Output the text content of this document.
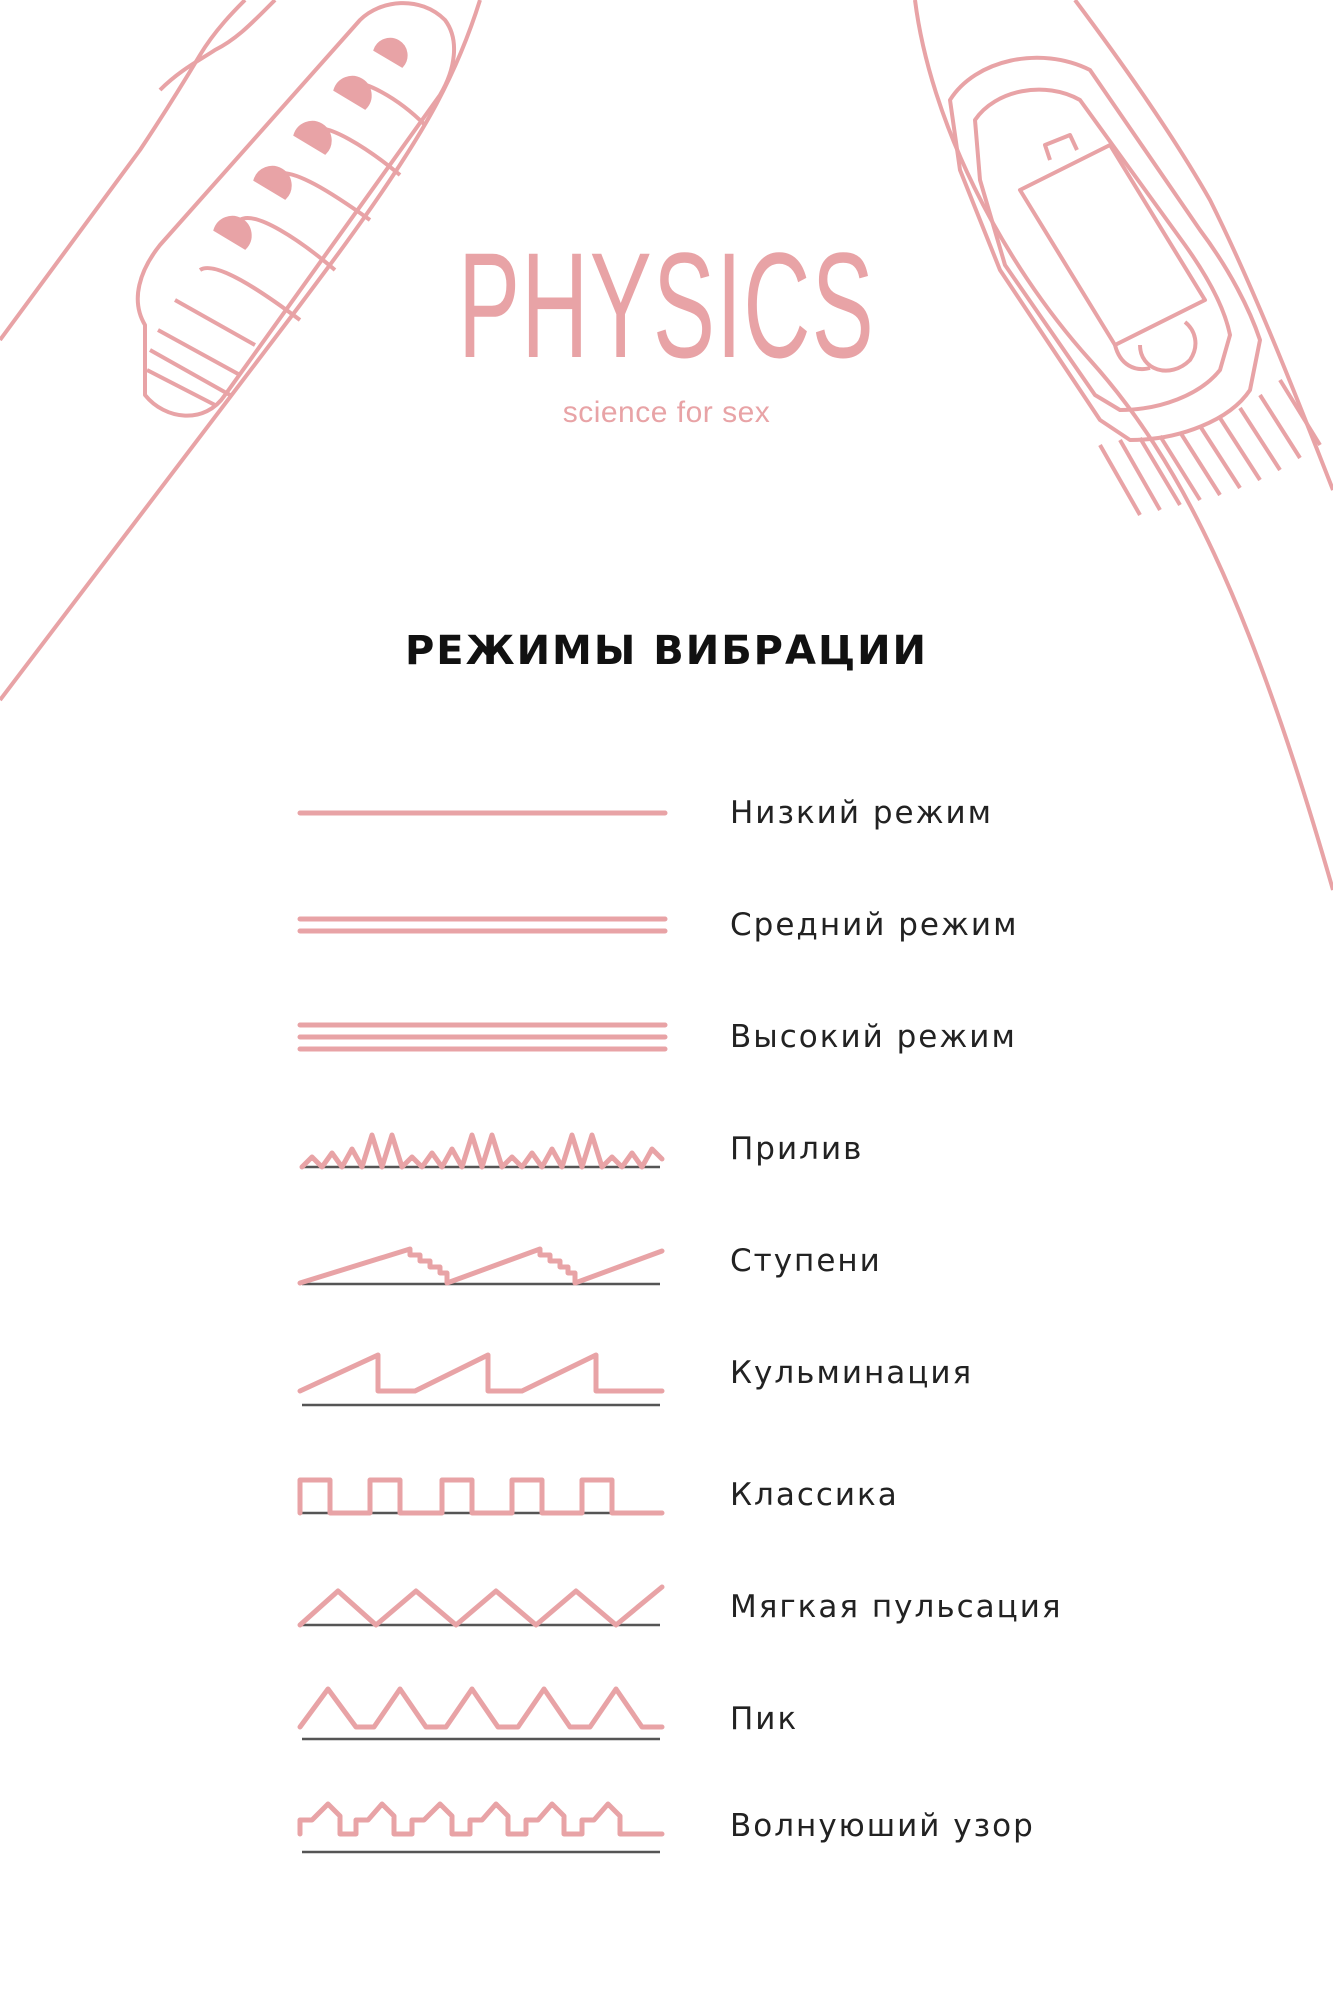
PHYSICS
science for sex
РЕЖИМЫ ВИБРАЦИИ
Низкий режим
Средний режим
Высокий режим
Прилив
Ступени
Кульминация
Классика
Мягкая пульсация
Пик
Волнуюший узор
